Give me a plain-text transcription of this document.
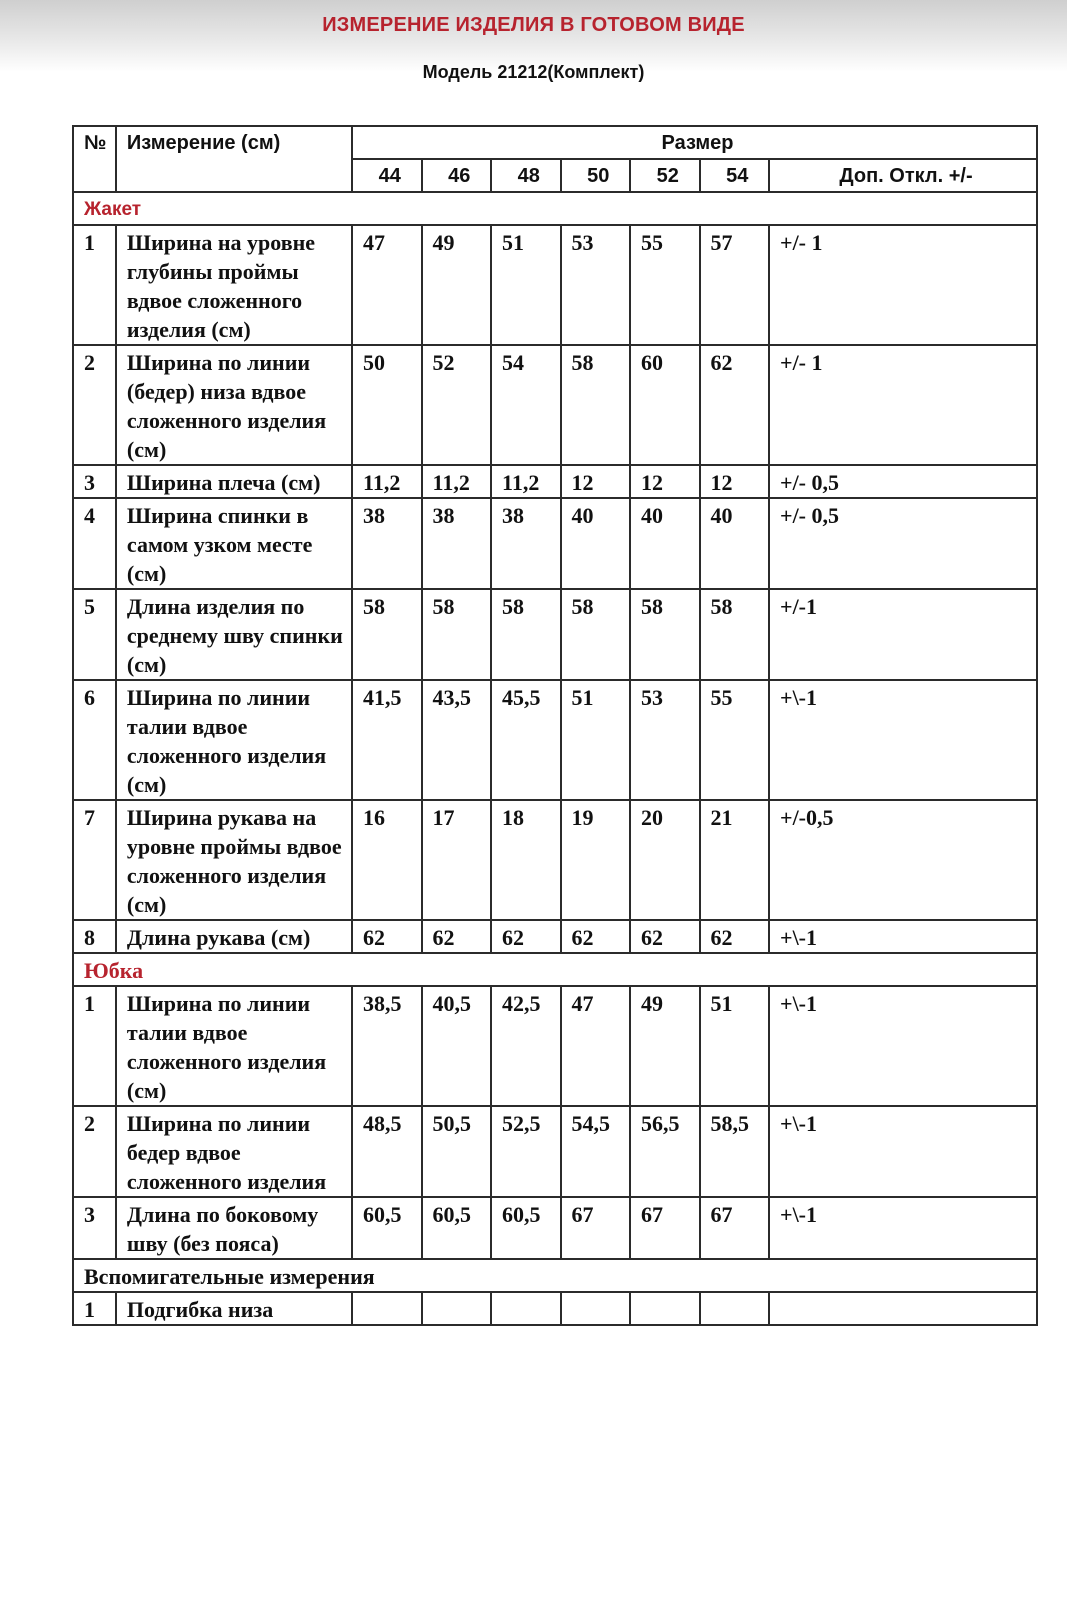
ИЗМЕРЕНИЕ ИЗДЕЛИЯ В ГОТОВОМ ВИДЕ
Модель 21212(Комплект)
№	Измерение (см)	Размер						
		44	46	48	50	52	54	Доп. Откл. +/-
Жакет								
1	Ширина на уровне глубины проймы вдвое сложенного изделия (см)	47	49	51	53	55	57	+/- 1
2	Ширина по линии (бедер) низа вдвое сложенного изделия (см)	50	52	54	58	60	62	+/- 1
3	Ширина плеча (см)	11,2	11,2	11,2	12	12	12	+/- 0,5
4	Ширина спинки в самом узком месте (см)	38	38	38	40	40	40	+/- 0,5
5	Длина изделия по среднему шву спинки (см)	58	58	58	58	58	58	+/-1
6	Ширина по линии талии вдвое сложенного изделия (см)	41,5	43,5	45,5	51	53	55	+\-1
7	Ширина рукава на уровне проймы вдвое сложенного изделия (см)	16	17	18	19	20	21	+/-0,5
8	Длина рукава (см)	62	62	62	62	62	62	+\-1
Юбка								
1	Ширина по линии талии вдвое сложенного изделия (см)	38,5	40,5	42,5	47	49	51	+\-1
2	Ширина по линии бедер вдвое сложенного изделия	48,5	50,5	52,5	54,5	56,5	58,5	+\-1
3	Длина по боковому шву (без пояса)	60,5	60,5	60,5	67	67	67	+\-1
Вспомигательные измерения								
1	Подгибка низа							
